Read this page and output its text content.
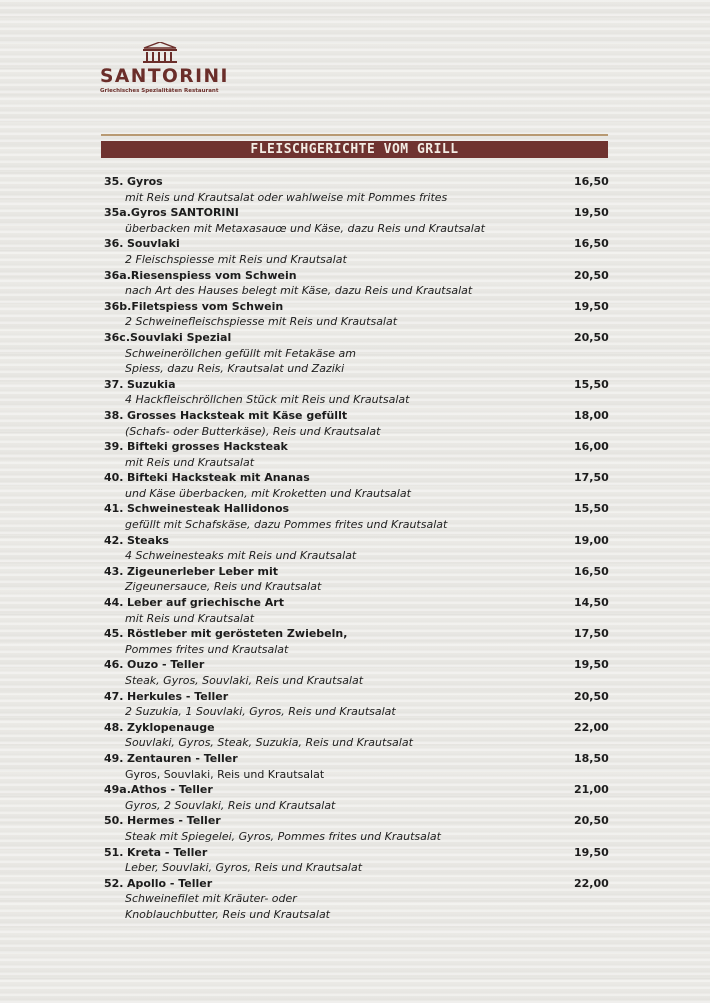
SANTORINI
Griechisches Spezialitäten Restaurant
FLEISCHGERICHTE VOM GRILL
35. Gyros	16,50
mit Reis und Krautsalat oder wahlweise mit Pommes frites
35a.Gyros SANTORINI	19,50
überbacken mit Metaxasauœ und Käse, dazu Reis und Krautsalat
36. Souvlaki	16,50
2 Fleischspiesse mit Reis und Krautsalat
36a.Riesenspiess vom Schwein	20,50
nach Art des Hauses belegt mit Käse, dazu Reis und Krautsalat
36b.Filetspiess vom Schwein	19,50
2 Schweinefleischspiesse mit Reis und Krautsalat
36c.Souvlaki Spezial	20,50
Schweineröllchen gefüllt mit Fetakäse am
Spiess, dazu Reis, Krautsalat und Zaziki
37. Suzukia	15,50
4 Hackfleischröllchen Stück mit Reis und Krautsalat
38. Grosses Hacksteak mit Käse gefüllt	18,00
(Schafs- oder Butterkäse), Reis und Krautsalat
39. Bifteki grosses Hacksteak	16,00
mit Reis und Krautsalat
40. Bifteki Hacksteak mit Ananas	17,50
und Käse überbacken, mit Kroketten und Krautsalat
41. Schweinesteak Hallidonos	15,50
gefüllt mit Schafskäse, dazu Pommes frites und Krautsalat
42. Steaks	19,00
4 Schweinesteaks mit Reis und Krautsalat
43. Zigeunerleber Leber mit	16,50
Zigeunersauce, Reis und Krautsalat
44. Leber auf griechische Art	14,50
mit Reis und Krautsalat
45. Röstleber mit gerösteten Zwiebeln,	17,50
Pommes frites und Krautsalat
46. Ouzo - Teller	19,50
Steak, Gyros, Souvlaki, Reis und Krautsalat
47. Herkules - Teller	20,50
2 Suzukia, 1 Souvlaki, Gyros, Reis und Krautsalat
48. Zyklopenauge	22,00
Souvlaki, Gyros, Steak, Suzukia, Reis und Krautsalat
49. Zentauren - Teller	18,50
Gyros, Souvlaki, Reis und Krautsalat
49a.Athos - Teller	21,00
Gyros, 2 Souvlaki, Reis und Krautsalat
50. Hermes - Teller	20,50
Steak mit Spiegelei, Gyros, Pommes frites und Krautsalat
51. Kreta - Teller	19,50
Leber, Souvlaki, Gyros, Reis und Krautsalat
52. Apollo - Teller	22,00
Schweinefilet mit Kräuter- oder
Knoblauchbutter, Reis und Krautsalat
